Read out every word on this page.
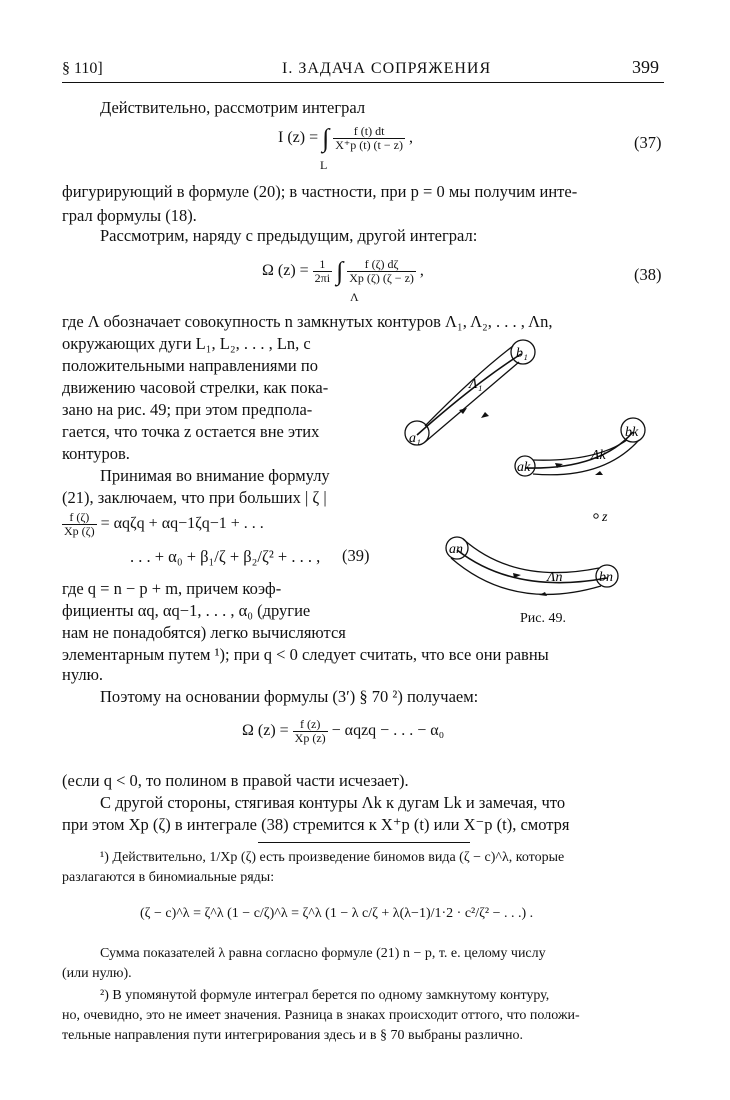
§ 110]	I. ЗАДАЧА СОПРЯЖЕНИЯ	399
Действительно, рассмотрим интеграл
I (z) = ∫ $\frac{f (t) dt}{X^+p (t) (t - z)}$ ,
L
(37)
фигурирующий в формуле (20); в частности, при p = 0 мы получим инте-
грал формулы (18).
Рассмотрим, наряду с предыдущим, другой интеграл:
Ω $(z) = \frac{1}{2\pi i}$ ∫ $\frac{f (\zeta) d\zeta}{Xp (\zeta) (\zeta - z)}$ ,
Λ
(38)
где Λ обозначает совокупность n замкнутых контуров Λ₁, Λ₂, . . . , Λn,
окружающих дуги L₁, L₂, . . . , Ln, с
положительными направлениями по
движению часовой стрелки, как пока-
зано на рис. 49; при этом предпола-
гается, что точка z остается вне этих
контуров.
Принимая во внимание формулу
(21), заключаем, что при больших | ζ |
$\frac{f (\zeta)}{Xp (\zeta)} = \alpha q\zeta q + \alpha q-1\zeta q-1$ + . . .
. . . + α₀ + β₁/ζ + β₂/ζ² + . . . , (39)
где q = n − p + m, причем коэф-
фициенты αq, αq−1, . . . , α₀ (другие
нам не понадобятся) легко вычисляются
элементарным путем ¹); при q < 0 следует считать, что все они равны
нулю.
Поэтому на основании формулы (3′) § 70 ²) получаем:
Ω $(z) = \frac{f (z)}{Xp (z)} - \alpha qzq$ − . . . − α₀
(если q < 0, то полином в правой части исчезает).
С другой стороны, стягивая контуры Λk к дугам Lk и замечая, что
при этом Xp (ζ) в интеграле (38) стремится к X⁺p (t) или X⁻p (t), смотря
a₁
b₁
Λ₁
ak
bk
Λk
an
bn
Λn
z
Рис. 49.
¹) Действительно, 1/Xp (ζ) есть произведение биномов вида (ζ − c)^λ, которые
разлагаются в биномиальные ряды:
(ζ − c)^λ = ζ^λ (1 − c/ζ)^λ = ζ^λ (1 − λ c/ζ + λ(λ−1)/1·2 · c²/ζ² − . . .) .
Сумма показателей λ равна согласно формуле (21) n − p, т. е. целому числу
(или нулю).
²) В упомянутой формуле интеграл берется по одному замкнутому контуру,
но, очевидно, это не имеет значения. Разница в знаках происходит оттого, что положи-
тельные направления пути интегрирования здесь и в § 70 выбраны различно.
